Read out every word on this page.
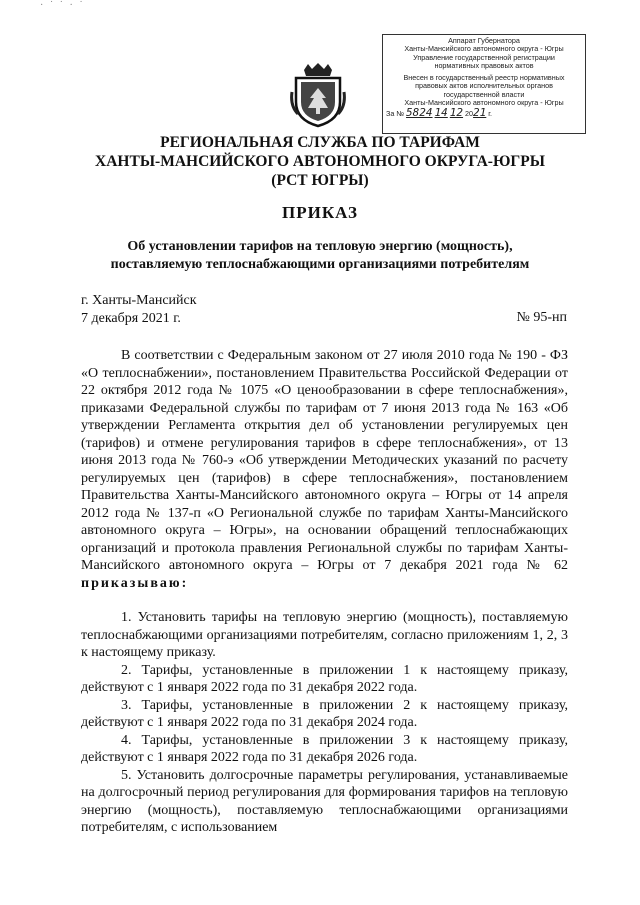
· ˙ ˙ · ˙
Аппарат Губернатора
Ханты-Мансийского автономного округа - Югры
Управление государственной регистрации
нормативных правовых актов
Внесен в государственный реестр нормативных
правовых актов исполнительных органов
государственной власти
Ханты-Мансийского автономного округа - Югры
За № 5824 14 12 2021 г.
РЕГИОНАЛЬНАЯ СЛУЖБА ПО ТАРИФАМ
ХАНТЫ-МАНСИЙСКОГО АВТОНОМНОГО ОКРУГА-ЮГРЫ
(РСТ ЮГРЫ)
ПРИКАЗ
Об установлении тарифов на тепловую энергию (мощность),
поставляемую теплоснабжающими организациями потребителям
г. Ханты-Мансийск
7 декабря 2021 г.	№ 95-нп

В соответствии с Федеральным законом от 27 июля 2010 года № 190 - ФЗ «О теплоснабжении», постановлением Правительства Российской Федерации от 22 октября 2012 года № 1075 «О ценообразовании в сфере теплоснабжения», приказами Федеральной службы по тарифам от 7 июня 2013 года № 163 «Об утверждении Регламента открытия дел об установлении регулируемых цен (тарифов) и отмене регулирования тарифов в сфере теплоснабжения», от 13 июня 2013 года № 760-э «Об утверждении Методических указаний по расчету регулируемых цен (тарифов) в сфере теплоснабжения», постановлением Правительства Ханты-Мансийского автономного округа – Югры от 14 апреля 2012 года № 137-п «О Региональной службе по тарифам Ханты-Мансийского автономного округа – Югры», на основании обращений теплоснабжающих организаций и протокола правления Региональной службы по тарифам Ханты-Мансийского автономного округа – Югры от 7 декабря 2021 года № 62 приказываю:

1. Установить тарифы на тепловую энергию (мощность), поставляемую теплоснабжающими организациями потребителям, согласно приложениям 1, 2, 3 к настоящему приказу.

2. Тарифы, установленные в приложении 1 к настоящему приказу, действуют с 1 января 2022 года по 31 декабря 2022 года.

3. Тарифы, установленные в приложении 2 к настоящему приказу, действуют с 1 января 2022 года по 31 декабря 2024 года.

4. Тарифы, установленные в приложении 3 к настоящему приказу, действуют с 1 января 2022 года по 31 декабря 2026 года.

5. Установить долгосрочные параметры регулирования, устанавливаемые на долгосрочный период регулирования для формирования тарифов на тепловую энергию (мощность), поставляемую теплоснабжающими организациями потребителям, с использованием
